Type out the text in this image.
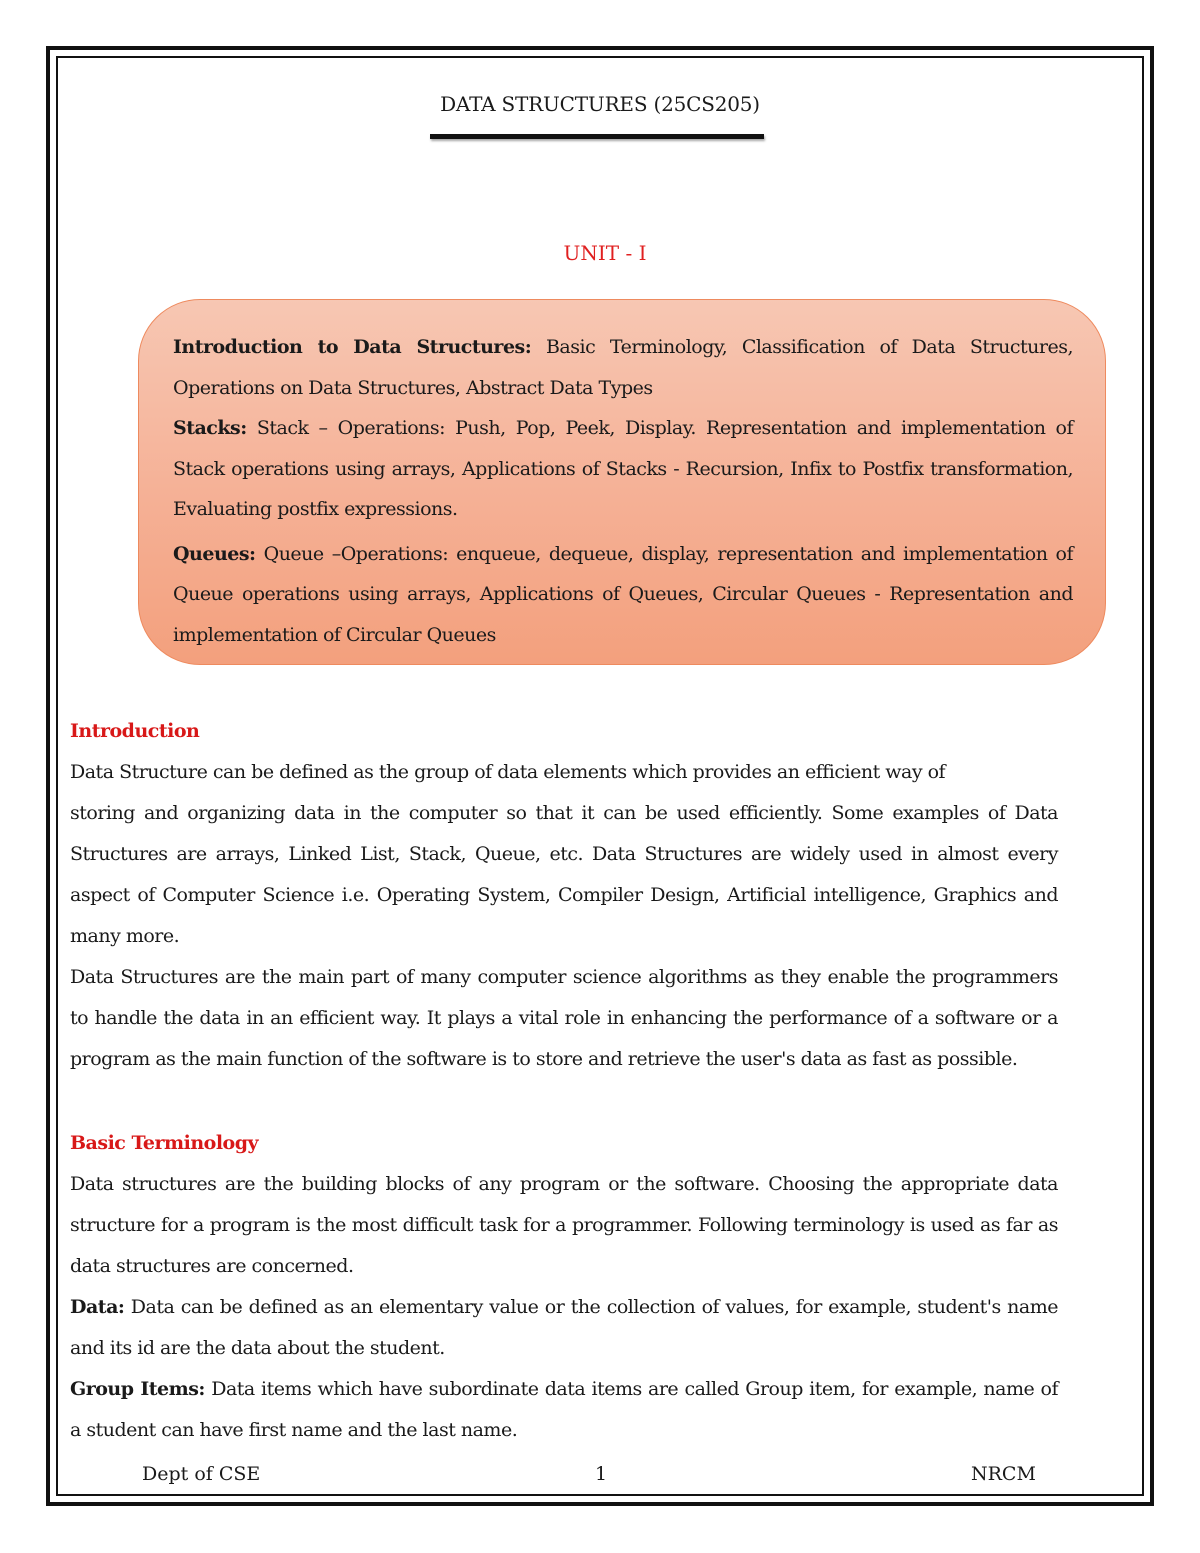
DATA STRUCTURES (25CS205)
UNIT - I

Introduction to Data Structures: Basic Terminology, Classification of Data Structures, Operations on Data Structures, Abstract Data Types

Stacks: Stack – Operations: Push, Pop, Peek, Display. Representation and implementation of Stack operations using arrays, Applications of Stacks - Recursion, Infix to Postfix transformation, Evaluating postfix expressions.

Queues: Queue –Operations: enqueue, dequeue, display, representation and implementation of Queue operations using arrays, Applications of Queues, Circular Queues - Representation and implementation of Circular Queues

Introduction

Data Structure can be defined as the group of data elements which provides an efficient way of

storing and organizing data in the computer so that it can be used efficiently. Some examples of Data Structures are arrays, Linked List, Stack, Queue, etc. Data Structures are widely used in almost every aspect of Computer Science i.e. Operating System, Compiler Design, Artificial intelligence, Graphics and many more.

Data Structures are the main part of many computer science algorithms as they enable the programmers to handle the data in an efficient way. It plays a vital role in enhancing the performance of a software or a program as the main function of the software is to store and retrieve the user's data as fast as possible.

Basic Terminology

Data structures are the building blocks of any program or the software. Choosing the appropriate data structure for a program is the most difficult task for a programmer. Following terminology is used as far as data structures are concerned.

Data: Data can be defined as an elementary value or the collection of values, for example, student's name and its id are the data about the student.

Group Items: Data items which have subordinate data items are called Group item, for example, name of a student can have first name and the last name.

Dept of CSE	1	NRCM
